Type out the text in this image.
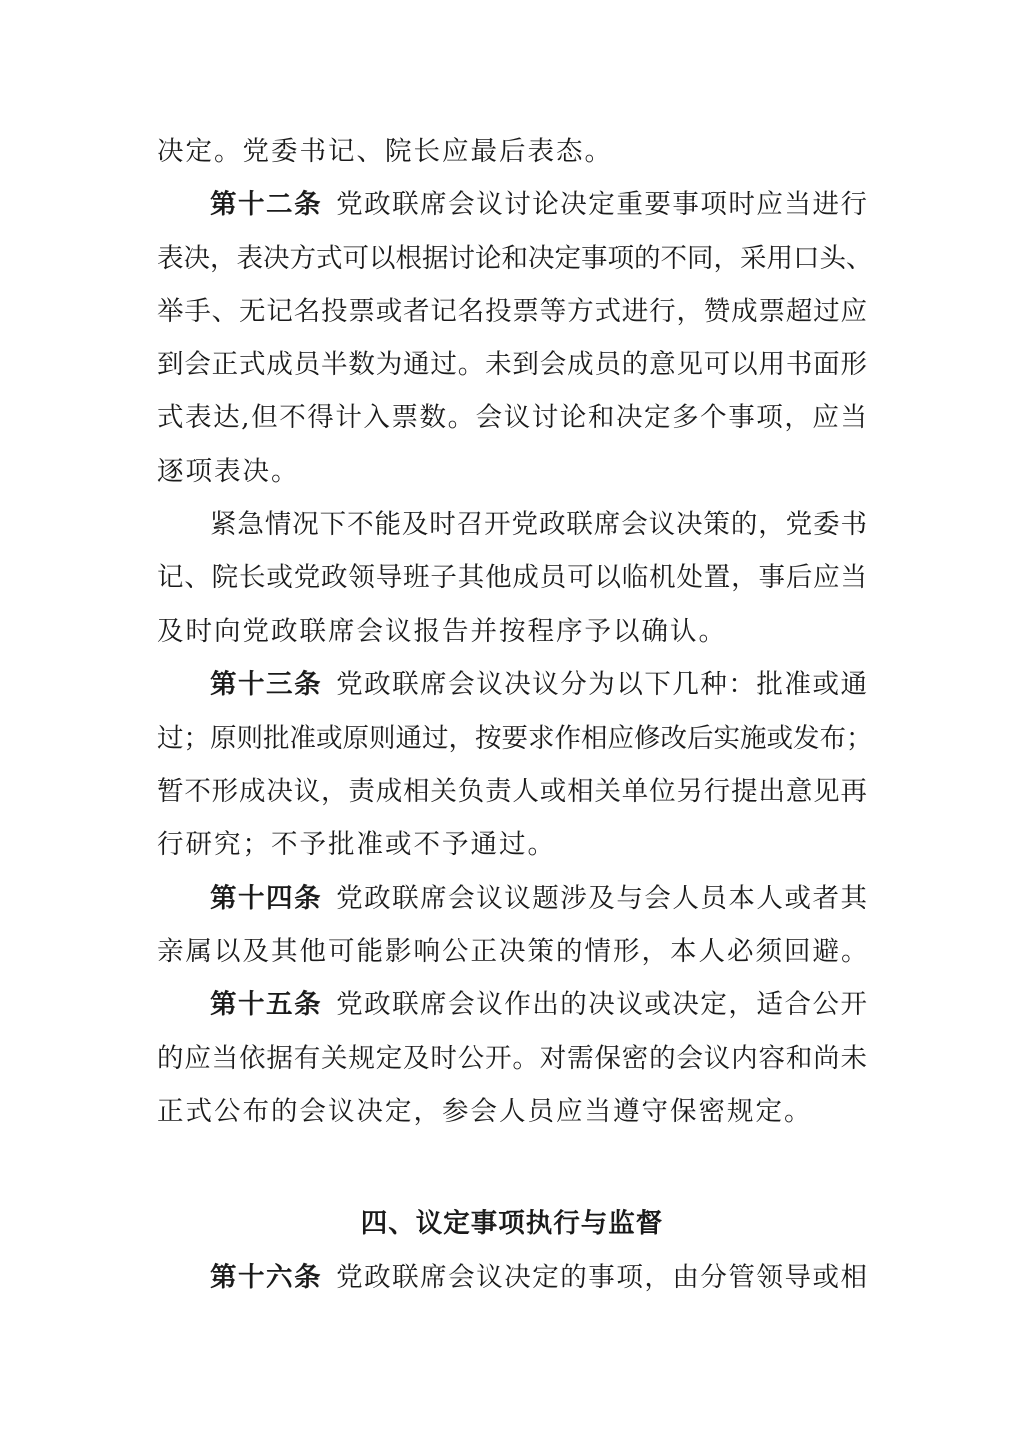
决定。党委书记、院长应最后表态。
第十二条 党政联席会议讨论决定重要事项时应当进行
表决，表决方式可以根据讨论和决定事项的不同，采用口头、
举手、无记名投票或者记名投票等方式进行，赞成票超过应
到会正式成员半数为通过。未到会成员的意见可以用书面形
式表达,但不得计入票数。会议讨论和决定多个事项，应当
逐项表决。
紧急情况下不能及时召开党政联席会议决策的，党委书
记、院长或党政领导班子其他成员可以临机处置，事后应当
及时向党政联席会议报告并按程序予以确认。
第十三条 党政联席会议决议分为以下几种：批准或通
过；原则批准或原则通过，按要求作相应修改后实施或发布；
暂不形成决议，责成相关负责人或相关单位另行提出意见再
行研究；不予批准或不予通过。
第十四条 党政联席会议议题涉及与会人员本人或者其
亲属以及其他可能影响公正决策的情形，本人必须回避。
第十五条 党政联席会议作出的决议或决定，适合公开
的应当依据有关规定及时公开。对需保密的会议内容和尚未
正式公布的会议决定，参会人员应当遵守保密规定。
四、议定事项执行与监督
第十六条 党政联席会议决定的事项，由分管领导或相
